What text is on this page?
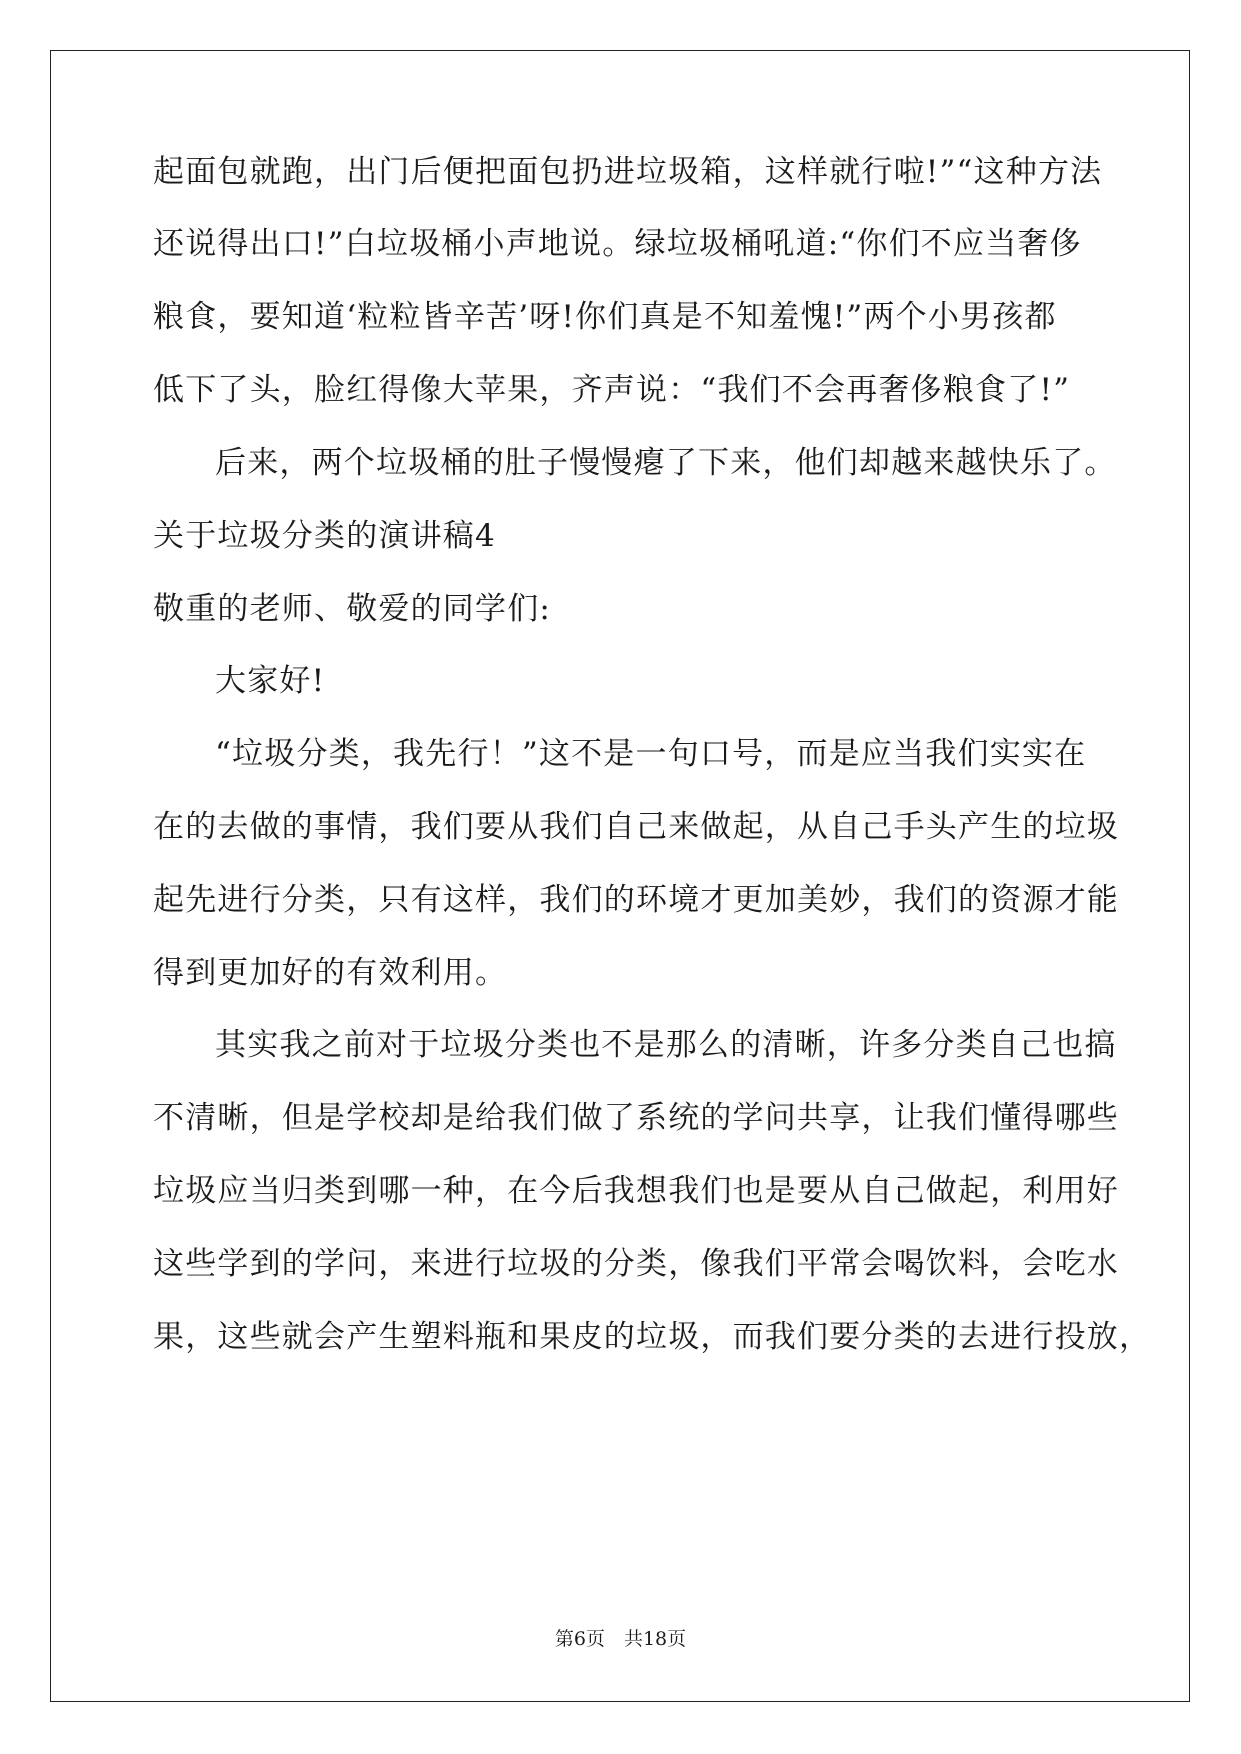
起面包就跑，出门后便把面包扔进垃圾箱，这样就行啦!”“这种方法
还说得出口!”白垃圾桶小声地说。绿垃圾桶吼道:“你们不应当奢侈
粮食，要知道‘粒粒皆辛苦’呀!你们真是不知羞愧!”两个小男孩都
低下了头，脸红得像大苹果，齐声说：“我们不会再奢侈粮食了!”
后来，两个垃圾桶的肚子慢慢瘪了下来，他们却越来越快乐了。
关于垃圾分类的演讲稿4
敬重的老师、敬爱的同学们:
大家好!
“垃圾分类，我先行！”这不是一句口号，而是应当我们实实在
在的去做的事情，我们要从我们自己来做起，从自己手头产生的垃圾
起先进行分类，只有这样，我们的环境才更加美妙，我们的资源才能
得到更加好的有效利用。
其实我之前对于垃圾分类也不是那么的清晰，许多分类自己也搞
不清晰，但是学校却是给我们做了系统的学问共享，让我们懂得哪些
垃圾应当归类到哪一种，在今后我想我们也是要从自己做起，利用好
这些学到的学问，来进行垃圾的分类，像我们平常会喝饮料，会吃水
果，这些就会产生塑料瓶和果皮的垃圾，而我们要分类的去进行投放，
第6页　共18页
